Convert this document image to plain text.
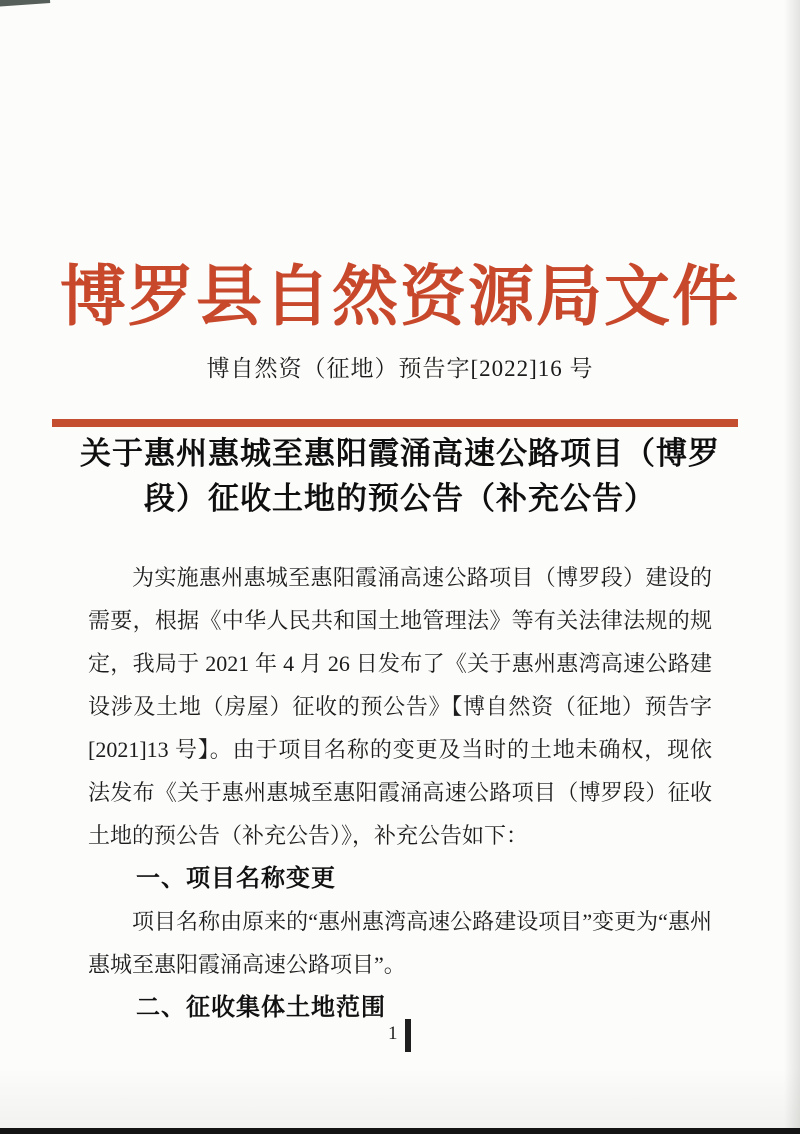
博罗县自然资源局文件
博自然资（征地）预告字[2022]16 号
关于惠州惠城至惠阳霞涌高速公路项目（博罗
段）征收土地的预公告（补充公告）

为实施惠州惠城至惠阳霞涌高速公路项目（博罗段）建设的需要，根据《中华人民共和国土地管理法》等有关法律法规的规定，我局于 2021 年 4 月 26 日发布了《关于惠州惠湾高速公路建设涉及土地（房屋）征收的预公告》【博自然资（征地）预告字[2021]13 号】。由于项目名称的变更及当时的土地未确权，现依法发布《关于惠州惠城至惠阳霞涌高速公路项目（博罗段）征收土地的预公告（补充公告）》，补充公告如下：

一、项目名称变更

项目名称由原来的“惠州惠湾高速公路建设项目”变更为“惠州惠城至惠阳霞涌高速公路项目”。

二、征收集体土地范围
1
